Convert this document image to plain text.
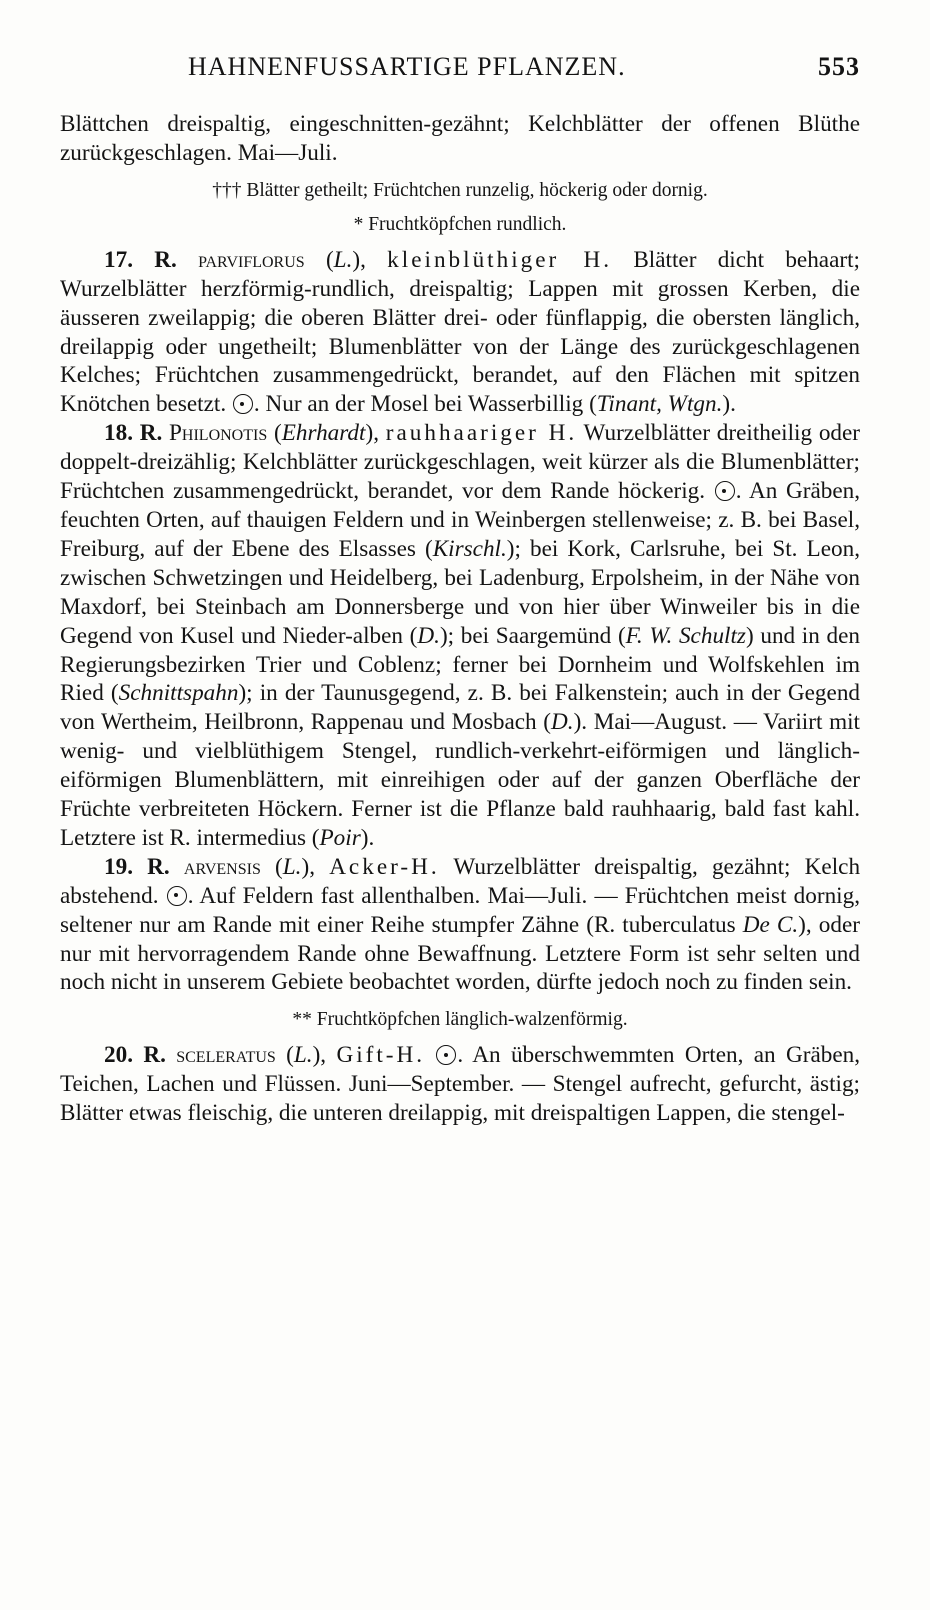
HAHNENFUSSARTIGE PFLANZEN.	553

Blättchen dreispaltig, eingeschnitten-gezähnt; Kelchblätter der offenen Blüthe zurückgeschlagen. Mai—Juli.

††† Blätter getheilt; Früchtchen runzelig, höckerig oder dornig.

* Fruchtköpfchen rundlich.

17. R. parviflorus (L.), kleinblüthiger H. Blätter dicht behaart; Wurzelblätter herzförmig-rundlich, dreispaltig; Lappen mit grossen Kerben, die äusseren zweilappig; die oberen Blätter drei- oder fünflappig, die obersten länglich, dreilappig oder ungetheilt; Blumenblätter von der Länge des zurückgeschlagenen Kelches; Früchtchen zusammengedrückt, berandet, auf den Flächen mit spitzen Knötchen besetzt. . Nur an der Mosel bei Wasserbillig (Tinant, Wtgn.).

18. R. Philonotis (Ehrhardt), rauhhaariger H. Wurzelblätter dreitheilig oder doppelt-dreizählig; Kelchblätter zurückgeschlagen, weit kürzer als die Blumenblätter; Früchtchen zusammengedrückt, berandet, vor dem Rande höckerig. . An Gräben, feuchten Orten, auf thauigen Feldern und in Weinbergen stellenweise; z. B. bei Basel, Freiburg, auf der Ebene des Elsasses (Kirschl.); bei Kork, Carlsruhe, bei St. Leon, zwischen Schwetzingen und Heidelberg, bei Ladenburg, Erpolsheim, in der Nähe von Maxdorf, bei Steinbach am Donnersberge und von hier über Winweiler bis in die Gegend von Kusel und Nieder-alben (D.); bei Saargemünd (F. W. Schultz) und in den Regierungsbezirken Trier und Coblenz; ferner bei Dornheim und Wolfskehlen im Ried (Schnittspahn); in der Taunusgegend, z. B. bei Falkenstein; auch in der Gegend von Wertheim, Heilbronn, Rappenau und Mosbach (D.). Mai—August. — Variirt mit wenig- und vielblüthigem Stengel, rundlich-verkehrt-eiförmigen und länglich-eiförmigen Blumenblättern, mit einreihigen oder auf der ganzen Oberfläche der Früchte verbreiteten Höckern. Ferner ist die Pflanze bald rauhhaarig, bald fast kahl. Letztere ist R. intermedius (Poir).

19. R. arvensis (L.), Acker-H. Wurzelblätter dreispaltig, gezähnt; Kelch abstehend. . Auf Feldern fast allenthalben. Mai—Juli. — Früchtchen meist dornig, seltener nur am Rande mit einer Reihe stumpfer Zähne (R. tuberculatus De C.), oder nur mit hervorragendem Rande ohne Bewaffnung. Letztere Form ist sehr selten und noch nicht in unserem Gebiete beobachtet worden, dürfte jedoch noch zu finden sein.

** Fruchtköpfchen länglich-walzenförmig.

20. R. sceleratus (L.), Gift-H. . An überschwemmten Orten, an Gräben, Teichen, Lachen und Flüssen. Juni—September. — Stengel aufrecht, gefurcht, ästig; Blätter etwas fleischig, die unteren dreilappig, mit dreispaltigen Lappen, die stengel-
